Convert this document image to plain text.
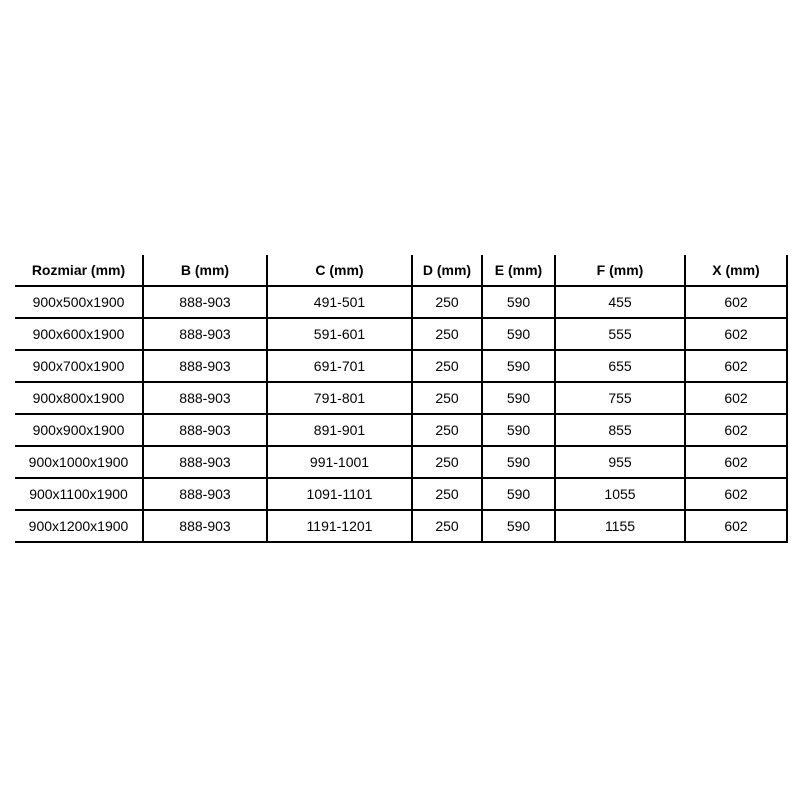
Rozmiar (mm)	B (mm)	C (mm)	D (mm)	E (mm)	F (mm)	X (mm)
900x500x1900	888-903	491-501	250	590	455	602
900x600x1900	888-903	591-601	250	590	555	602
900x700x1900	888-903	691-701	250	590	655	602
900x800x1900	888-903	791-801	250	590	755	602
900x900x1900	888-903	891-901	250	590	855	602
900x1000x1900	888-903	991-1001	250	590	955	602
900x1100x1900	888-903	1091-1101	250	590	1055	602
900x1200x1900	888-903	1191-1201	250	590	1155	602
